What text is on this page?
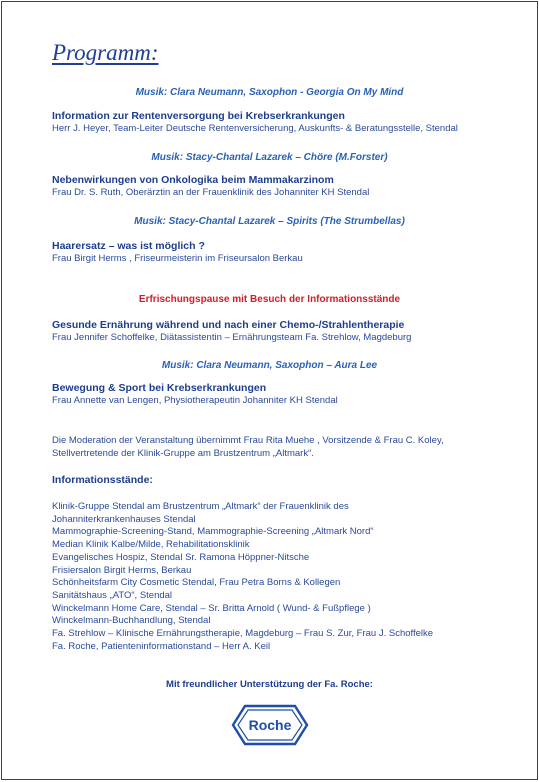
Programm:
Musik: Clara Neumann, Saxophon - Georgia On My Mind
Information zur Rentenversorgung bei Krebserkrankungen
Herr J. Heyer, Team-Leiter Deutsche Rentenversicherung, Auskunfts- & Beratungsstelle, Stendal
Musik: Stacy-Chantal Lazarek – Chöre (M.Forster)
Nebenwirkungen von Onkologika beim Mammakarzinom
Frau Dr. S. Ruth, Oberärztin an der Frauenklinik des Johanniter KH Stendal
Musik: Stacy-Chantal Lazarek – Spirits (The Strumbellas)
Haarersatz – was ist möglich ?
Frau Birgit Herms , Friseurmeisterin im Friseursalon Berkau
Erfrischungspause mit Besuch der Informationsstände
Gesunde Ernährung während und nach einer Chemo-/Strahlentherapie
Frau Jennifer Schoffelke, Diätassistentin – Ernährungsteam Fa. Strehlow, Magdeburg
Musik: Clara Neumann, Saxophon – Aura Lee
Bewegung & Sport bei Krebserkrankungen
Frau Annette van Lengen, Physiotherapeutin Johanniter KH Stendal
Die Moderation der Veranstaltung übernimmt Frau Rita Muehe , Vorsitzende & Frau C. Koley, Stellvertretende der Klinik-Gruppe am Brustzentrum „Altmark“.
Informationsstände:
Klinik-Gruppe Stendal am Brustzentrum „Altmark“ der Frauenklinik des
Johanniterkrankenhauses Stendal
Mammographie-Screening-Stand, Mammographie-Screening „Altmark Nord“
Median Klinik Kalbe/Milde, Rehabilitationsklinik
Evangelisches Hospiz, Stendal Sr. Ramona Höppner-Nitsche
Frisiersalon Birgit Herms, Berkau
Schönheitsfarm City Cosmetic Stendal, Frau Petra Borns & Kollegen
Sanitätshaus „ATO“, Stendal
Winckelmann Home Care, Stendal – Sr. Britta Arnold ( Wund- & Fußpflege )
Winckelmann-Buchhandlung, Stendal
Fa. Strehlow – Klinische Ernährungstherapie, Magdeburg – Frau S. Zur, Frau J. Schoffelke
Fa. Roche, Patienteninformationstand – Herr A. Keil
Mit freundlicher Unterstützung der Fa. Roche:
Roche
